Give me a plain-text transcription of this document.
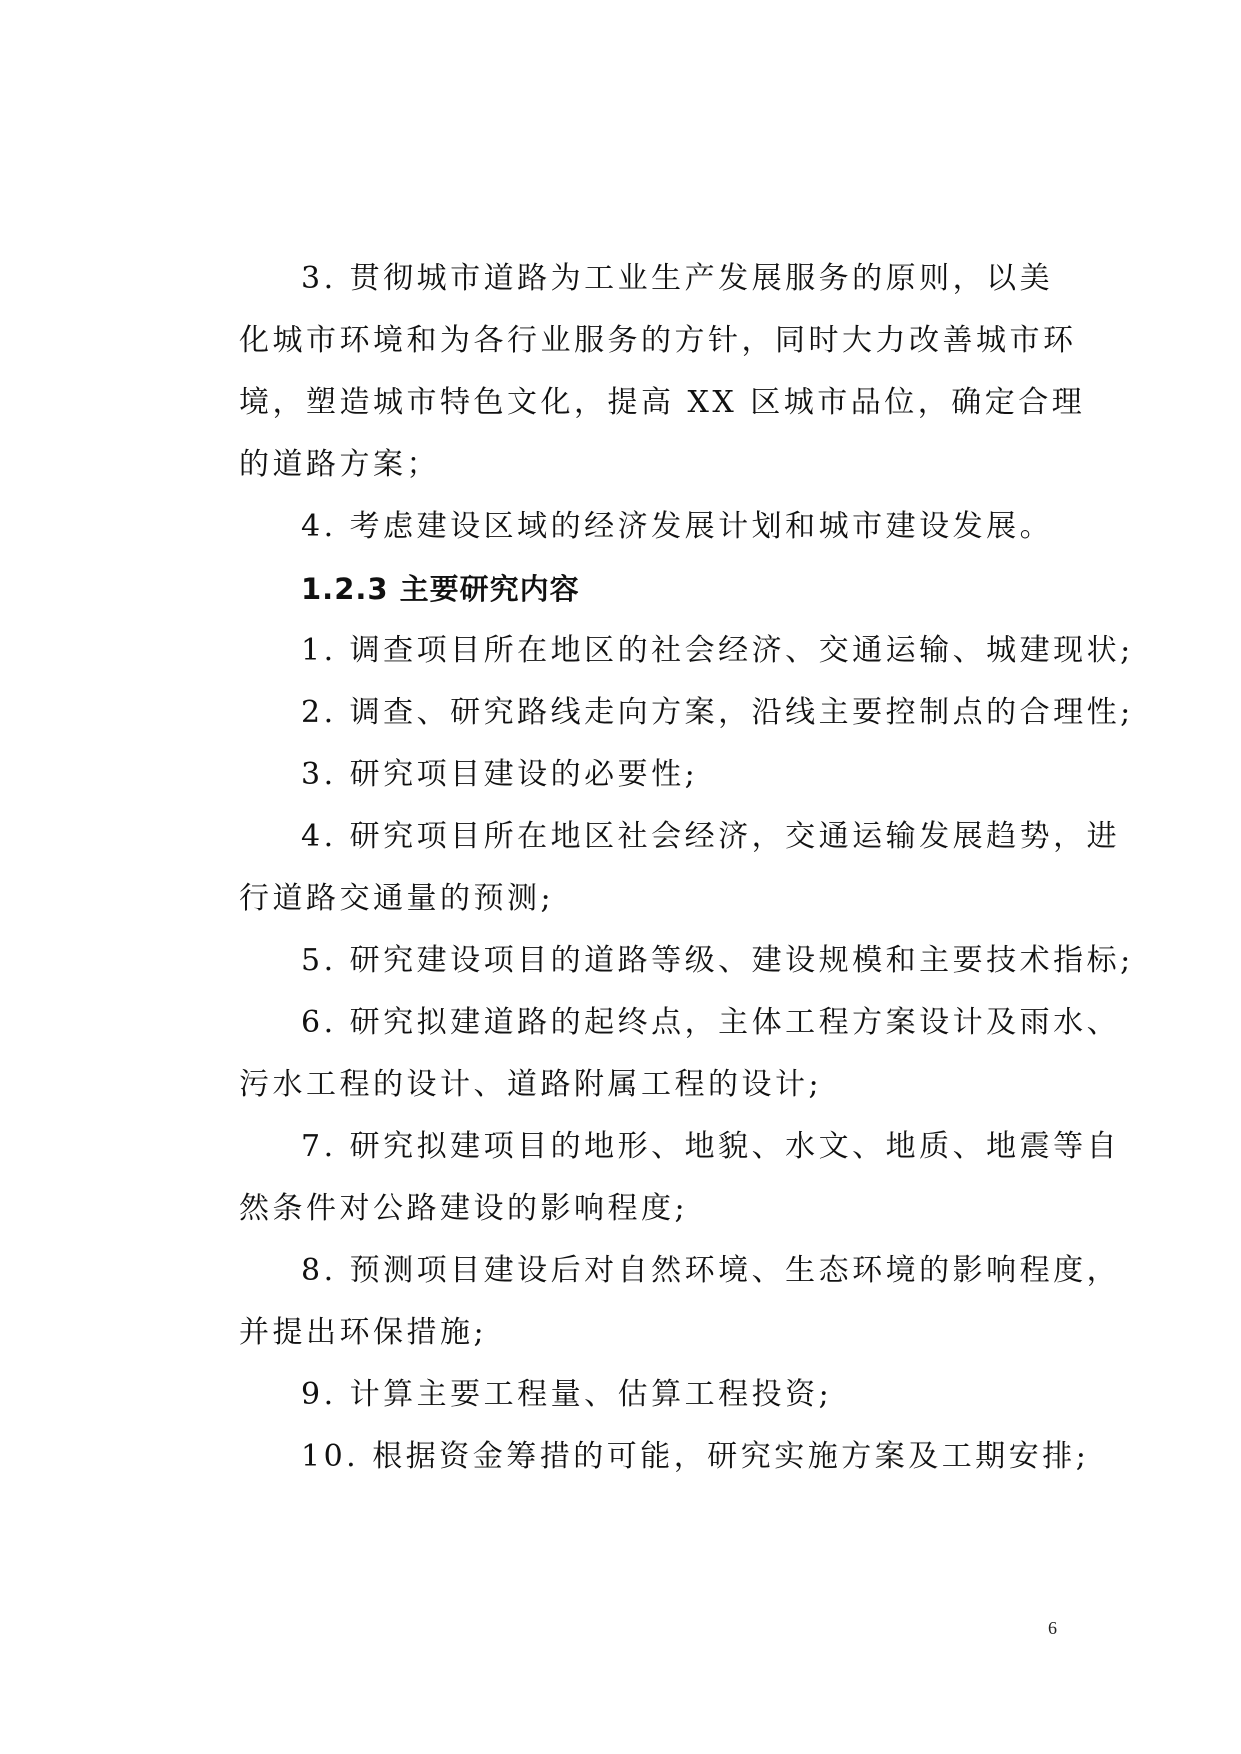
3. 贯彻城市道路为工业生产发展服务的原则，以美

化城市环境和为各行业服务的方针，同时大力改善城市环

境，塑造城市特色文化，提高 XX 区城市品位，确定合理

的道路方案；

4. 考虑建设区域的经济发展计划和城市建设发展。

1.2.3 主要研究内容

1. 调查项目所在地区的社会经济、交通运输、城建现状;

2. 调查、研究路线走向方案，沿线主要控制点的合理性;

3. 研究项目建设的必要性;

4. 研究项目所在地区社会经济，交通运输发展趋势，进

行道路交通量的预测;

5. 研究建设项目的道路等级、建设规模和主要技术指标;

6. 研究拟建道路的起终点，主体工程方案设计及雨水、

污水工程的设计、道路附属工程的设计;

7. 研究拟建项目的地形、地貌、水文、地质、地震等自

然条件对公路建设的影响程度;

8. 预测项目建设后对自然环境、生态环境的影响程度，

并提出环保措施;

9. 计算主要工程量、估算工程投资;

10. 根据资金筹措的可能，研究实施方案及工期安排;

6
